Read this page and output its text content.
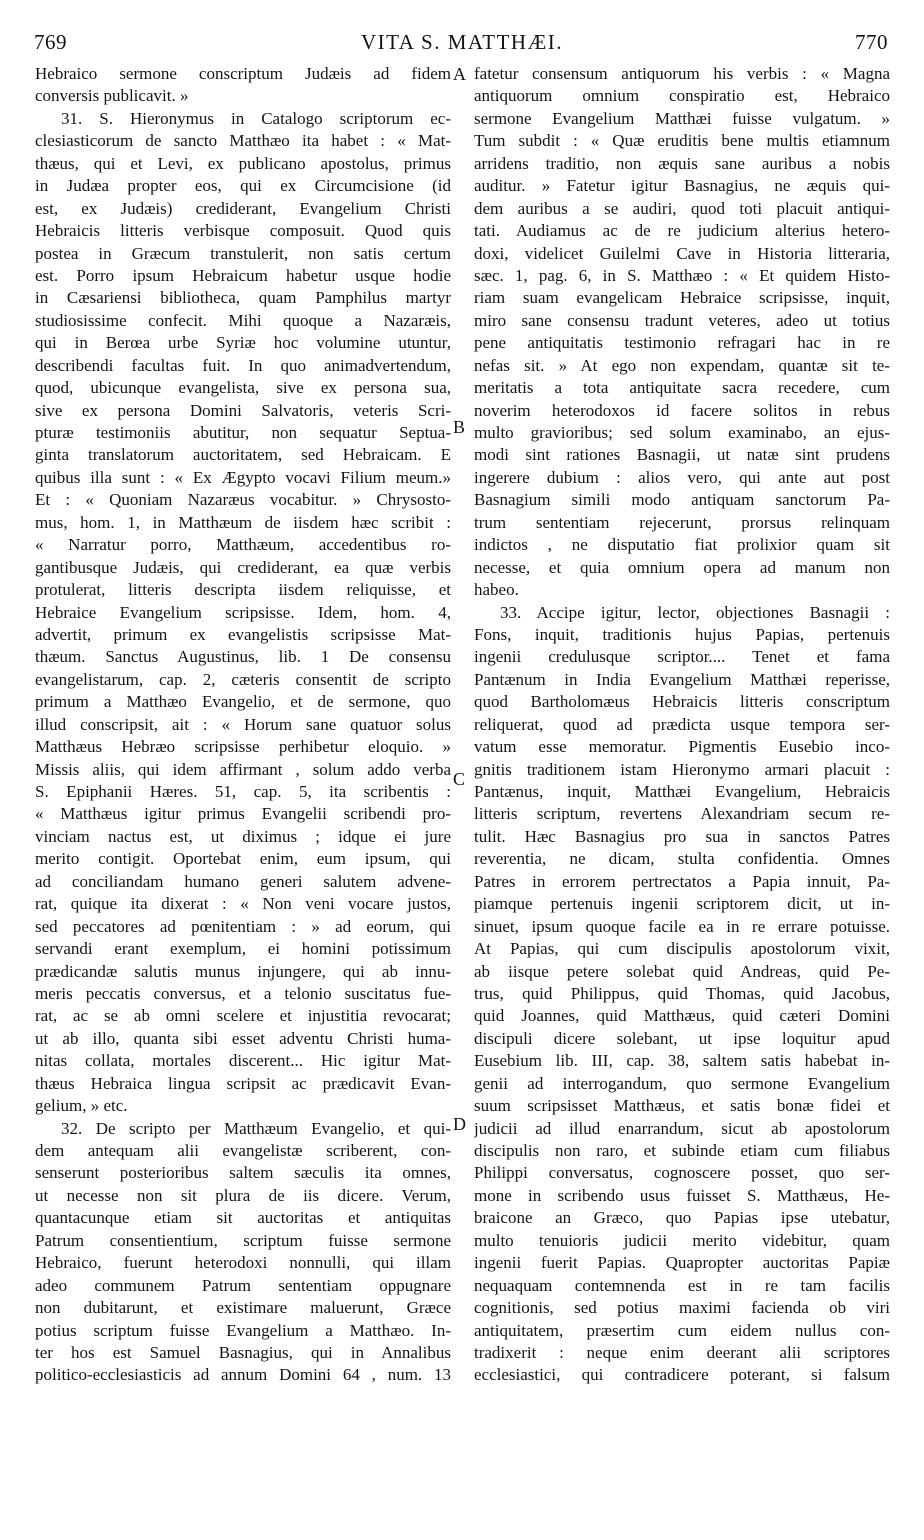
VITA S. MATTHÆI.
769	770
Hebraico sermone conscriptum Judæis ad fidem
conversis publicavit. »
31. S. Hieronymus in Catalogo scriptorum ec-
clesiasticorum de sancto Matthæo ita habet : « Mat-
thæus, qui et Levi, ex publicano apostolus, primus
in Judæa propter eos, qui ex Circumcisione (id
est, ex Judæis) crediderant, Evangelium Christi
Hebraicis litteris verbisque composuit. Quod quis
postea in Græcum transtulerit, non satis certum
est. Porro ipsum Hebraicum habetur usque hodie
in Cæsariensi bibliotheca, quam Pamphilus martyr
studiosissime confecit. Mihi quoque a Nazaræis,
qui in Berœa urbe Syriæ hoc volumine utuntur,
describendi facultas fuit. In quo animadvertendum,
quod, ubicunque evangelista, sive ex persona sua,
sive ex persona Domini Salvatoris, veteris Scri-
pturæ testimoniis abutitur, non sequatur Septua-
ginta translatorum auctoritatem, sed Hebraicam. E
quibus illa sunt : « Ex Ægypto vocavi Filium meum.»
Et : « Quoniam Nazaræus vocabitur. » Chrysosto-
mus, hom. 1, in Matthæum de iisdem hæc scribit :
« Narratur porro, Matthæum, accedentibus ro-
gantibusque Judæis, qui crediderant, ea quæ verbis
protulerat, litteris descripta iisdem reliquisse, et
Hebraice Evangelium scripsisse. Idem, hom. 4,
advertit, primum ex evangelistis scripsisse Mat-
thæum. Sanctus Augustinus, lib. 1 De consensu
evangelistarum, cap. 2, cæteris consentit de scripto
primum a Matthæo Evangelio, et de sermone, quo
illud conscripsit, ait : « Horum sane quatuor solus
Matthæus Hebræo scripsisse perhibetur eloquio. »
Missis aliis, qui idem affirmant , solum addo verba
S. Epiphanii Hæres. 51, cap. 5, ita scribentis :
« Matthæus igitur primus Evangelii scribendi pro-
vinciam nactus est, ut diximus ; idque ei jure
merito contigit. Oportebat enim, eum ipsum, qui
ad conciliandam humano generi salutem advene-
rat, quique ita dixerat : « Non veni vocare justos,
sed peccatores ad pœnitentiam : » ad eorum, qui
servandi erant exemplum, ei homini potissimum
prædicandæ salutis munus injungere, qui ab innu-
meris peccatis conversus, et a telonio suscitatus fue-
rat, ac se ab omni scelere et injustitia revocarat;
ut ab illo, quanta sibi esset adventu Christi huma-
nitas collata, mortales discerent... Hic igitur Mat-
thæus Hebraica lingua scripsit ac prædicavit Evan-
gelium, » etc.
32. De scripto per Matthæum Evangelio, et qui-
dem antequam alii evangelistæ scriberent, con-
senserunt posterioribus saltem sæculis ita omnes,
ut necesse non sit plura de iis dicere. Verum,
quantacunque etiam sit auctoritas et antiquitas
Patrum consentientium, scriptum fuisse sermone
Hebraico, fuerunt heterodoxi nonnulli, qui illam
adeo communem Patrum sententiam oppugnare
non dubitarunt, et existimare maluerunt, Græce
potius scriptum fuisse Evangelium a Matthæo. In-
ter hos est Samuel Basnagius, qui in Annalibus
politico-ecclesiasticis ad annum Domini 64 , num. 13
fatetur consensum antiquorum his verbis : « Magna
antiquorum omnium conspiratio est, Hebraico
sermone Evangelium Matthæi fuisse vulgatum. »
Tum subdit : « Quæ eruditis bene multis etiamnum
arridens traditio, non æquis sane auribus a nobis
auditur. » Fatetur igitur Basnagius, ne æquis qui-
dem auribus a se audiri, quod toti placuit antiqui-
tati. Audiamus ac de re judicium alterius hetero-
doxi, videlicet Guilelmi Cave in Historia litteraria,
sæc. 1, pag. 6, in S. Matthæo : « Et quidem Histo-
riam suam evangelicam Hebraice scripsisse, inquit,
miro sane consensu tradunt veteres, adeo ut totius
pene antiquitatis testimonio refragari hac in re
nefas sit. » At ego non expendam, quantæ sit te-
meritatis a tota antiquitate sacra recedere, cum
noverim heterodoxos id facere solitos in rebus
multo gravioribus; sed solum examinabo, an ejus-
modi sint rationes Basnagii, ut natæ sint prudens
ingerere dubium : alios vero, qui ante aut post
Basnagium simili modo antiquam sanctorum Pa-
trum sententiam rejecerunt, prorsus relinquam
indictos , ne disputatio fiat prolixior quam sit
necesse, et quia omnium opera ad manum non
habeo.
33. Accipe igitur, lector, objectiones Basnagii :
Fons, inquit, traditionis hujus Papias, pertenuis
ingenii credulusque scriptor.... Tenet et fama
Pantænum in India Evangelium Matthæi reperisse,
quod Bartholomæus Hebraicis litteris conscriptum
reliquerat, quod ad prædicta usque tempora ser-
vatum esse memoratur. Pigmentis Eusebio inco-
gnitis traditionem istam Hieronymo armari placuit :
Pantænus, inquit, Matthæi Evangelium, Hebraicis
litteris scriptum, revertens Alexandriam secum re-
tulit. Hæc Basnagius pro sua in sanctos Patres
reverentia, ne dicam, stulta confidentia. Omnes
Patres in errorem pertrectatos a Papia innuit, Pa-
piamque pertenuis ingenii scriptorem dicit, ut in-
sinuet, ipsum quoque facile ea in re errare potuisse.
At Papias, qui cum discipulis apostolorum vixit,
ab iisque petere solebat quid Andreas, quid Pe-
trus, quid Philippus, quid Thomas, quid Jacobus,
quid Joannes, quid Matthæus, quid cæteri Domini
discipuli dicere solebant, ut ipse loquitur apud
Eusebium lib. III, cap. 38, saltem satis habebat in-
genii ad interrogandum, quo sermone Evangelium
suum scripsisset Matthæus, et satis bonæ fidei et
judicii ad illud enarrandum, sicut ab apostolorum
discipulis non raro, et subinde etiam cum filiabus
Philippi conversatus, cognoscere posset, quo ser-
mone in scribendo usus fuisset S. Matthæus, He-
braicone an Græco, quo Papias ipse utebatur,
multo tenuioris judicii merito videbitur, quam
ingenii fuerit Papias. Quapropter auctoritas Papiæ
nequaquam contemnenda est in re tam facilis
cognitionis, sed potius maximi facienda ob viri
antiquitatem, præsertim cum eidem nullus con-
tradixerit : neque enim deerant alii scriptores
ecclesiastici, qui contradicere poterant, si falsum
A
B
C
D
